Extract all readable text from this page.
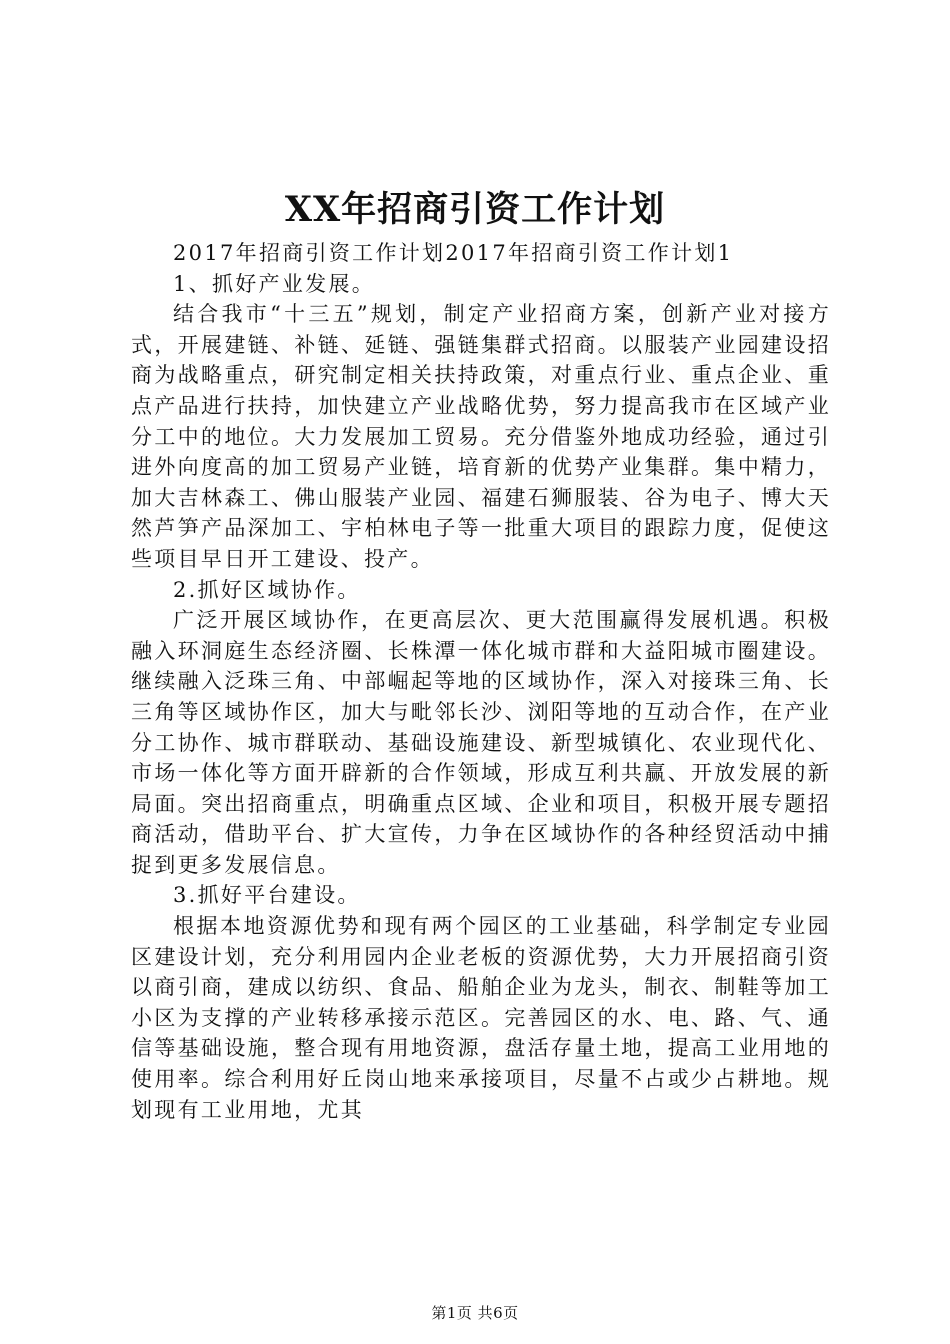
XX年招商引资工作计划

2017年招商引资工作计划2017年招商引资工作计划1

1、抓好产业发展。

结合我市“十三五”规划，制定产业招商方案，创新产业对接方式，开展建链、补链、延链、强链集群式招商。以服装产业园建设招商为战略重点，研究制定相关扶持政策，对重点行业、重点企业、重点产品进行扶持，加快建立产业战略优势，努力提高我市在区域产业分工中的地位。大力发展加工贸易。充分借鉴外地成功经验，通过引进外向度高的加工贸易产业链，培育新的优势产业集群。集中精力，加大吉林森工、佛山服装产业园、福建石狮服装、谷为电子、博大天然芦笋产品深加工、宇柏林电子等一批重大项目的跟踪力度，促使这些项目早日开工建设、投产。

2.抓好区域协作。

广泛开展区域协作，在更高层次、更大范围赢得发展机遇。积极融入环洞庭生态经济圈、长株潭一体化城市群和大益阳城市圈建设。继续融入泛珠三角、中部崛起等地的区域协作，深入对接珠三角、长三角等区域协作区，加大与毗邻长沙、浏阳等地的互动合作，在产业分工协作、城市群联动、基础设施建设、新型城镇化、农业现代化、市场一体化等方面开辟新的合作领域，形成互利共赢、开放发展的新局面。突出招商重点，明确重点区域、企业和项目，积极开展专题招商活动，借助平台、扩大宣传，力争在区域协作的各种经贸活动中捕捉到更多发展信息。

3.抓好平台建设。

根据本地资源优势和现有两个园区的工业基础，科学制定专业园区建设计划，充分利用园内企业老板的资源优势，大力开展招商引资以商引商，建成以纺织、食品、船舶企业为龙头，制衣、制鞋等加工小区为支撑的产业转移承接示范区。完善园区的水、电、路、气、通信等基础设施，整合现有用地资源，盘活存量土地，提高工业用地的使用率。综合利用好丘岗山地来承接项目，尽量不占或少占耕地。规划现有工业用地，尤其

第1页 共6页
